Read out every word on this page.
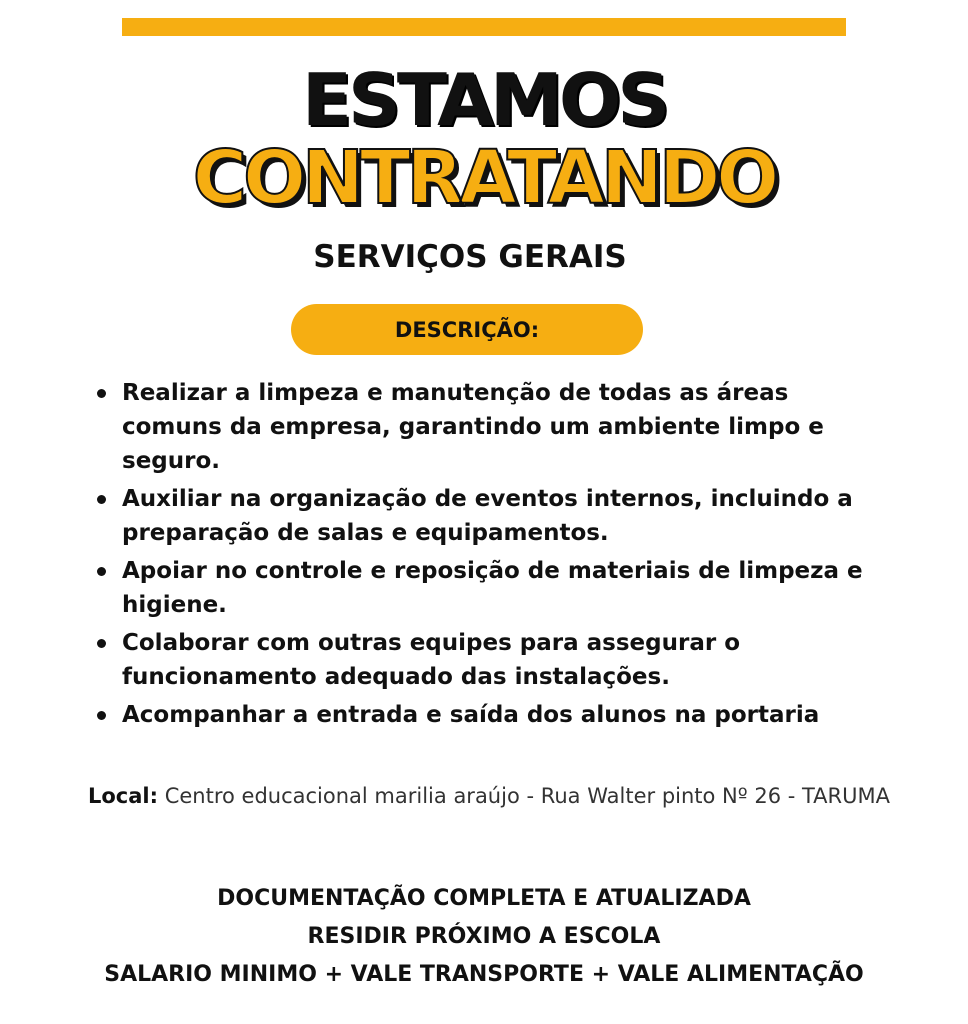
ESTAMOS
CONTRATANDO
SERVIÇOS GERAIS
DESCRIÇÃO:
Realizar a limpeza e manutenção de todas as áreas comuns da empresa, garantindo um ambiente limpo e seguro.
Auxiliar na organização de eventos internos, incluindo a preparação de salas e equipamentos.
Apoiar no controle e reposição de materiais de limpeza e higiene.
Colaborar com outras equipes para assegurar o funcionamento adequado das instalações.
Acompanhar a entrada e saída dos alunos na portaria
Local: Centro educacional marilia araújo - Rua Walter pinto Nº 26 - TARUMA
DOCUMENTAÇÃO COMPLETA E ATUALIZADA
RESIDIR PRÓXIMO A ESCOLA
SALARIO MINIMO + VALE TRANSPORTE + VALE ALIMENTAÇÃO
